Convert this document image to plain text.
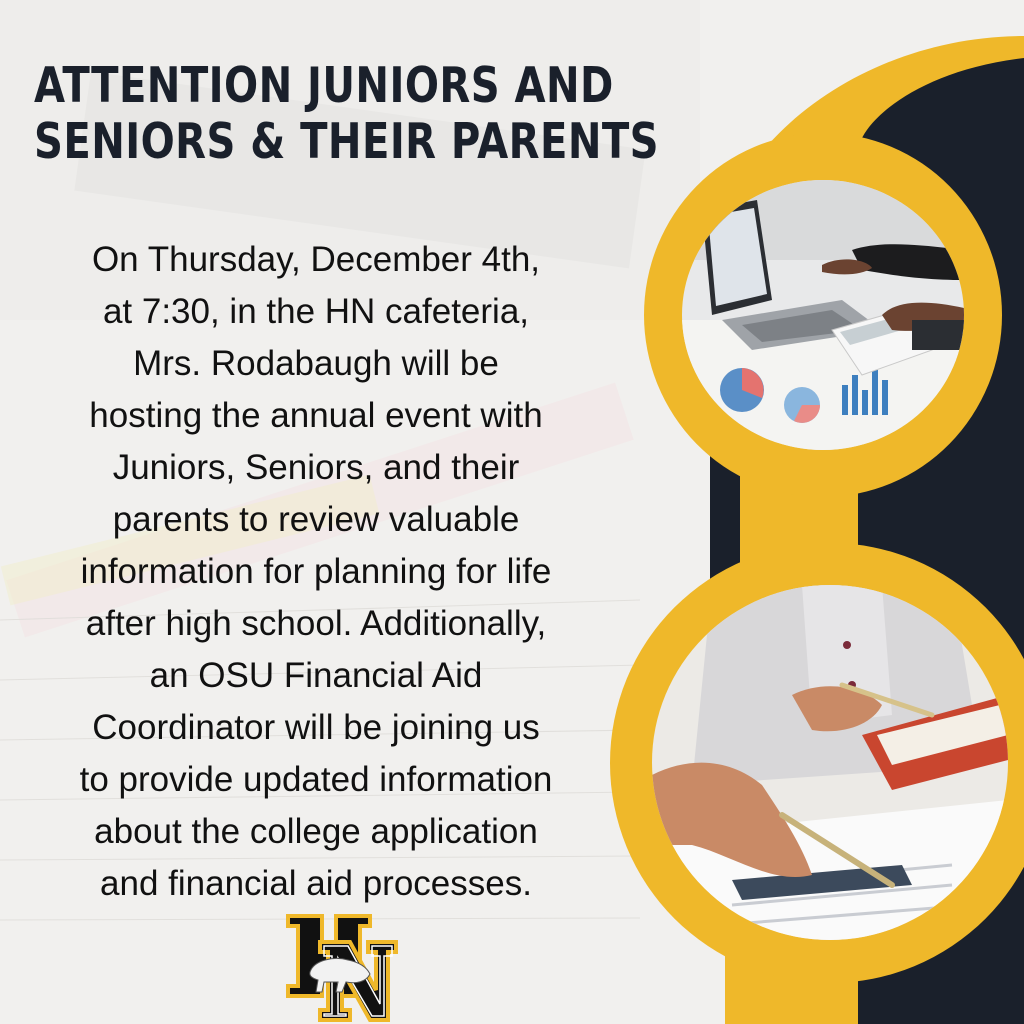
ATTENTION JUNIORS AND
SENIORS & THEIR PARENTS
On Thursday, December 4th,
at 7:30, in the HN cafeteria,
Mrs. Rodabaugh will be
hosting the annual event with
Juniors, Seniors, and their
parents to review valuable
information for planning for life
after high school. Additionally,
an OSU Financial Aid
Coordinator will be joining us
to provide updated information
about the college application
and financial aid processes.
